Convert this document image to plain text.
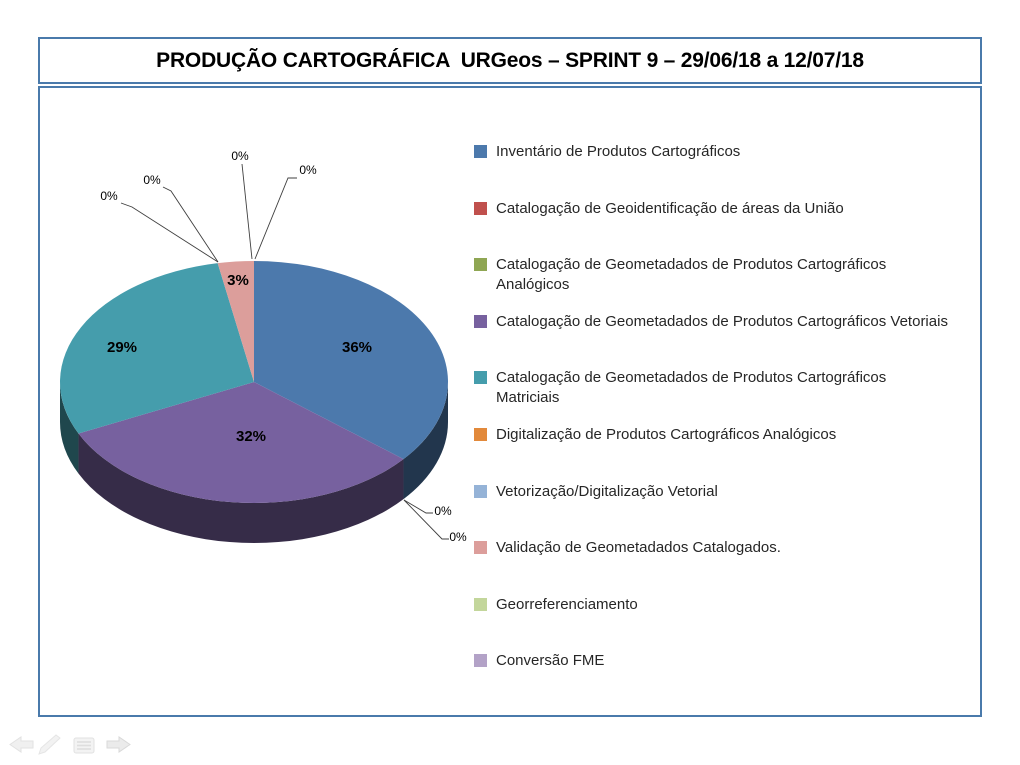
PRODUÇÃO CARTOGRÁFICA  URGeos – SPRINT 9 – 29/06/18 a 12/07/18
36%
32%
29%
3%
0%
0%
0%
0%
0%
0%
Inventário de Produtos Cartográficos
Catalogação de Geoidentificação de áreas da União
Catalogação de Geometadados de Produtos Cartográficos Analógicos
Catalogação de Geometadados de Produtos Cartográficos Vetoriais
Catalogação de Geometadados de Produtos Cartográficos Matriciais
Digitalização de Produtos Cartográficos Analógicos
Vetorização/Digitalização Vetorial
Validação de Geometadados Catalogados.
Georreferenciamento
Conversão FME
